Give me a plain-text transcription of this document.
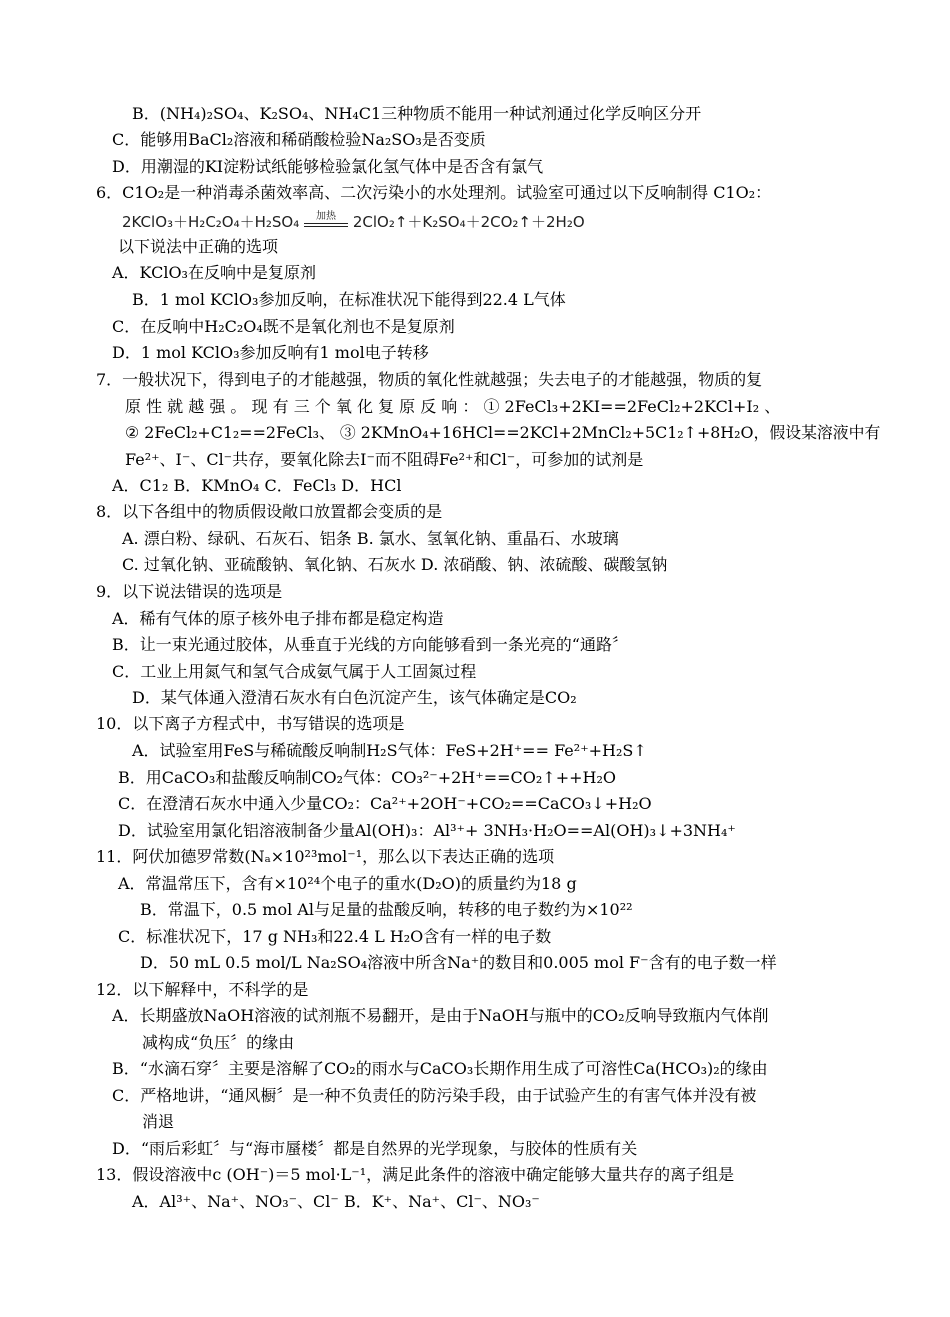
B．(NH₄)₂SO₄、K₂SO₄、NH₄C1三种物质不能用一种试剂通过化学反响区分开
C．能够用BaCl₂溶液和稀硝酸检验Na₂SO₃是否变质
D．用潮湿的KI淀粉试纸能够检验氯化氢气体中是否含有氯气
6．C1O₂是一种消毒杀菌效率高、二次污染小的水处理剂。试验室可通过以下反响制得 C1O₂：
2KClO₃＋H₂C₂O₄＋H₂SO₄	加热	2ClO₂↑＋K₂SO₄＋2CO₂↑＋2H₂O
以下说法中正确的选项
A．KClO₃在反响中是复原剂
B．1 mol KClO₃参加反响，在标准状况下能得到22.4 L气体
C．在反响中H₂C₂O₄既不是氧化剂也不是复原剂
D．1 mol KClO₃参加反响有1 mol电子转移
7．一般状况下，得到电子的才能越强，物质的氧化性就越强；失去电子的才能越强，物质的复
原 性 就 越 强 。 现 有 三 个 氧 化 复 原 反 响 ： ① 2FeCl₃+2KI==2FeCl₂+2KCl+I₂ 、
② 2FeCl₂+C1₂==2FeCl₃、 ③ 2KMnO₄+16HCl==2KCl+2MnCl₂+5C1₂↑+8H₂O，假设某溶液中有
Fe²⁺、I⁻、Cl⁻共存，要氧化除去I⁻而不阻碍Fe²⁺和Cl⁻，可参加的试剂是
A．C1₂ B．KMnO₄ C．FeCl₃ D．HCl
8．以下各组中的物质假设敞口放置都会变质的是
A. 漂白粉、绿矾、石灰石、铝条 B. 氯水、氢氧化钠、重晶石、水玻璃
C. 过氧化钠、亚硫酸钠、氧化钠、石灰水 D. 浓硝酸、钠、浓硫酸、碳酸氢钠
9．以下说法错误的选项是
A．稀有气体的原子核外电子排布都是稳定构造
B．让一束光通过胶体，从垂直于光线的方向能够看到一条光亮的“通路〞
C．工业上用氮气和氢气合成氨气属于人工固氮过程
D．某气体通入澄清石灰水有白色沉淀产生，该气体确定是CO₂
10．以下离子方程式中，书写错误的选项是
A．试验室用FeS与稀硫酸反响制H₂S气体：FeS+2H⁺== Fe²⁺+H₂S↑
B．用CaCO₃和盐酸反响制CO₂气体：CO₃²⁻+2H⁺==CO₂↑++H₂O
C．在澄清石灰水中通入少量CO₂：Ca²⁺+2OH⁻+CO₂==CaCO₃↓+H₂O
D．试验室用氯化铝溶液制备少量Al(OH)₃：Al³⁺+ 3NH₃·H₂O==Al(OH)₃↓+3NH₄⁺
11．阿伏加德罗常数(Nₐ×10²³mol⁻¹，那么以下表达正确的选项
A．常温常压下，含有×10²⁴个电子的重水(D₂O)的质量约为18 g
B．常温下，0.5 mol Al与足量的盐酸反响，转移的电子数约为×10²²
C．标准状况下，17 g NH₃和22.4 L H₂O含有一样的电子数
D．50 mL 0.5 mol/L Na₂SO₄溶液中所含Na⁺的数目和0.005 mol F⁻含有的电子数一样
12．以下解释中，不科学的是
A．长期盛放NaOH溶液的试剂瓶不易翻开，是由于NaOH与瓶中的CO₂反响导致瓶内气体削
减构成“负压〞的缘由
B．“水滴石穿〞主要是溶解了CO₂的雨水与CaCO₃长期作用生成了可溶性Ca(HCO₃)₂的缘由
C．严格地讲，“通风橱〞是一种不负责任的防污染手段，由于试验产生的有害气体并没有被
消退
D．“雨后彩虹〞与“海市蜃楼〞都是自然界的光学现象，与胶体的性质有关
13．假设溶液中c (OH⁻)＝5 mol·L⁻¹，满足此条件的溶液中确定能够大量共存的离子组是
A．Al³⁺、Na⁺、NO₃⁻、Cl⁻ B．K⁺、Na⁺、Cl⁻、NO₃⁻
